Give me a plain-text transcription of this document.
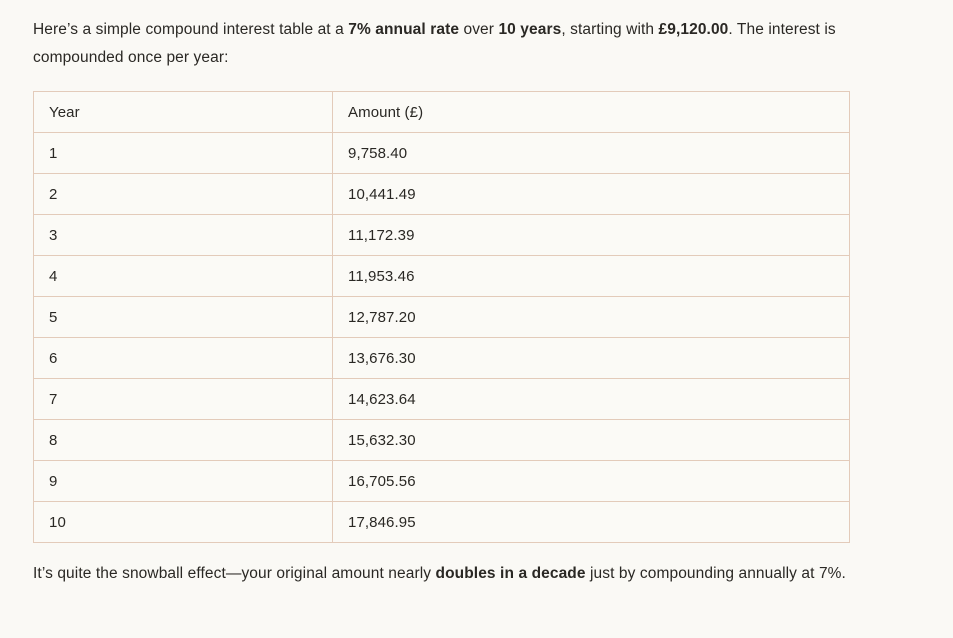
Here’s a simple compound interest table at a 7% annual rate over 10 years, starting with £9,120.00. The interest is compounded once per year:

Year	Amount (£)
1	9,758.40
2	10,441.49
3	11,172.39
4	11,953.46
5	12,787.20
6	13,676.30
7	14,623.64
8	15,632.30
9	16,705.56
10	17,846.95

It’s quite the snowball effect—your original amount nearly doubles in a decade just by compounding annually at 7%.
